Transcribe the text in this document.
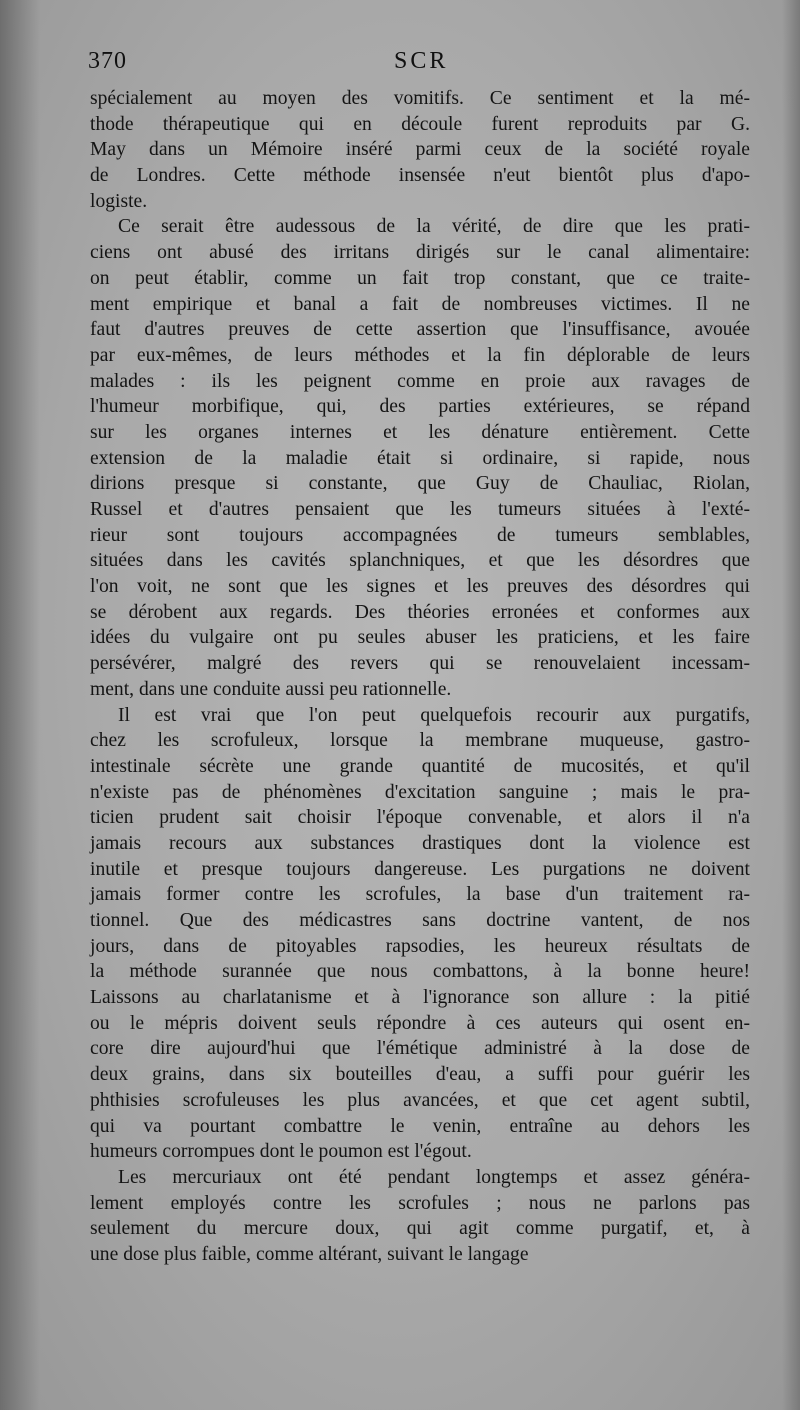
370	SCR
spécialement au moyen des vomitifs. Ce sentiment et la mé-
thode thérapeutique qui en découle furent reproduits par G.
May dans un Mémoire inséré parmi ceux de la société royale
de Londres. Cette méthode insensée n'eut bientôt plus d'apo-
logiste.
Ce serait être audessous de la vérité, de dire que les prati-
ciens ont abusé des irritans dirigés sur le canal alimentaire:
on peut établir, comme un fait trop constant, que ce traite-
ment empirique et banal a fait de nombreuses victimes. Il ne
faut d'autres preuves de cette assertion que l'insuffisance, avouée
par eux-mêmes, de leurs méthodes et la fin déplorable de leurs
malades : ils les peignent comme en proie aux ravages de
l'humeur morbifique, qui, des parties extérieures, se répand
sur les organes internes et les dénature entièrement. Cette
extension de la maladie était si ordinaire, si rapide, nous
dirions presque si constante, que Guy de Chauliac, Riolan,
Russel et d'autres pensaient que les tumeurs situées à l'exté-
rieur sont toujours accompagnées de tumeurs semblables,
situées dans les cavités splanchniques, et que les désordres que
l'on voit, ne sont que les signes et les preuves des désordres qui
se dérobent aux regards. Des théories erronées et conformes aux
idées du vulgaire ont pu seules abuser les praticiens, et les faire
persévérer, malgré des revers qui se renouvelaient incessam-
ment, dans une conduite aussi peu rationnelle.
Il est vrai que l'on peut quelquefois recourir aux purgatifs,
chez les scrofuleux, lorsque la membrane muqueuse, gastro-
intestinale sécrète une grande quantité de mucosités, et qu'il
n'existe pas de phénomènes d'excitation sanguine ; mais le pra-
ticien prudent sait choisir l'époque convenable, et alors il n'a
jamais recours aux substances drastiques dont la violence est
inutile et presque toujours dangereuse. Les purgations ne doivent
jamais former contre les scrofules, la base d'un traitement ra-
tionnel. Que des médicastres sans doctrine vantent, de nos
jours, dans de pitoyables rapsodies, les heureux résultats de
la méthode surannée que nous combattons, à la bonne heure!
Laissons au charlatanisme et à l'ignorance son allure : la pitié
ou le mépris doivent seuls répondre à ces auteurs qui osent en-
core dire aujourd'hui que l'émétique administré à la dose de
deux grains, dans six bouteilles d'eau, a suffi pour guérir les
phthisies scrofuleuses les plus avancées, et que cet agent subtil,
qui va pourtant combattre le venin, entraîne au dehors les
humeurs corrompues dont le poumon est l'égout.
Les mercuriaux ont été pendant longtemps et assez généra-
lement employés contre les scrofules ; nous ne parlons pas
seulement du mercure doux, qui agit comme purgatif, et, à
une dose plus faible, comme altérant, suivant le langage
